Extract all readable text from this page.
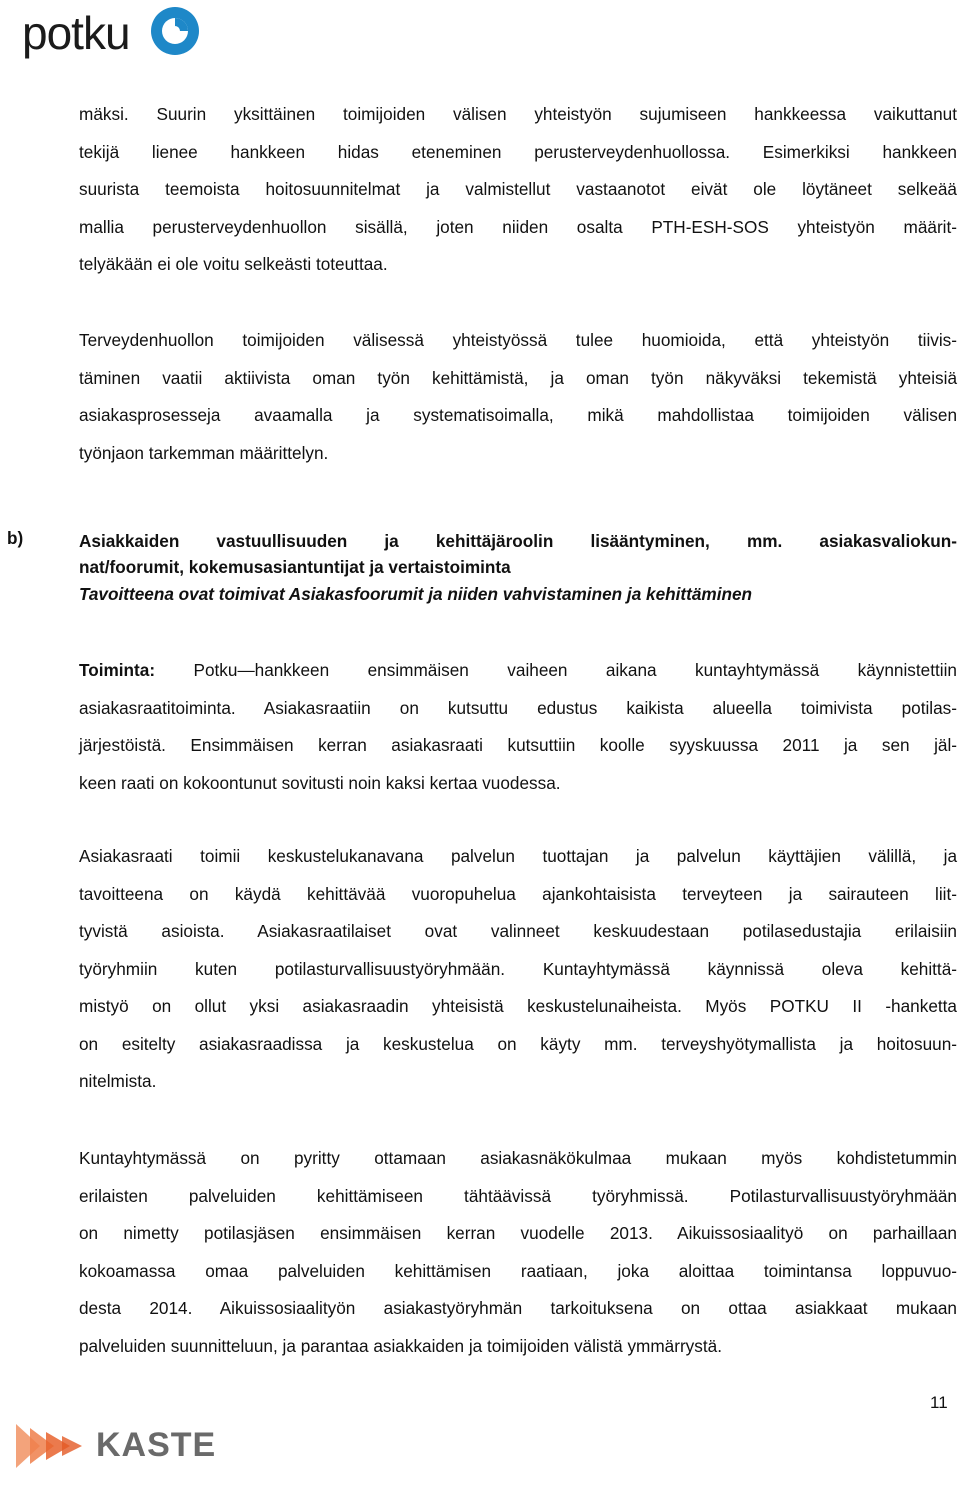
potku
mäksi. Suurin yksittäinen toimijoiden välisen yhteistyön sujumiseen hankkeessa vaikuttanut
tekijä lienee hankkeen hidas eteneminen perusterveydenhuollossa. Esimerkiksi hankkeen
suurista teemoista hoitosuunnitelmat ja valmistellut vastaanotot eivät ole löytäneet selkeää
mallia perusterveydenhuollon sisällä, joten niiden osalta PTH-ESH-SOS yhteistyön määrit-
telyäkään ei ole voitu selkeästi toteuttaa.
Terveydenhuollon toimijoiden välisessä yhteistyössä tulee huomioida, että yhteistyön tiivis-
täminen vaatii aktiivista oman työn kehittämistä, ja oman työn näkyväksi tekemistä yhteisiä
asiakasprosesseja avaamalla ja systematisoimalla, mikä mahdollistaa toimijoiden välisen
työnjaon tarkemman määrittelyn.
b)	Asiakkaiden vastuullisuuden ja kehittäjäroolin lisääntyminen, mm. asiakasvaliokun-
nat/foorumit, kokemusasiantuntijat ja vertaistoiminta
Tavoitteena ovat toimivat Asiakasfoorumit ja niiden vahvistaminen ja kehittäminen
Toiminta: Potku—hankkeen ensimmäisen vaiheen aikana kuntayhtymässä käynnistettiin
asiakasraatitoiminta. Asiakasraatiin on kutsuttu edustus kaikista alueella toimivista potilas-
järjestöistä. Ensimmäisen kerran asiakasraati kutsuttiin koolle syyskuussa 2011 ja sen jäl-
keen raati on kokoontunut sovitusti noin kaksi kertaa vuodessa.
Asiakasraati toimii keskustelukanavana palvelun tuottajan ja palvelun käyttäjien välillä, ja
tavoitteena on käydä kehittävää vuoropuhelua ajankohtaisista terveyteen ja sairauteen liit-
tyvistä asioista. Asiakasraatilaiset ovat valinneet keskuudestaan potilasedustajia erilaisiin
työryhmiin kuten potilasturvallisuustyöryhmään. Kuntayhtymässä käynnissä oleva kehittä-
mistyö on ollut yksi asiakasraadin yhteisistä keskustelunaiheista. Myös POTKU II -hanketta
on esitelty asiakasraadissa ja keskustelua on käyty mm. terveyshyötymallista ja hoitosuun-
nitelmista.
Kuntayhtymässä on pyritty ottamaan asiakasnäkökulmaa mukaan myös kohdistetummin
erilaisten palveluiden kehittämiseen tähtäävissä työryhmissä. Potilasturvallisuustyöryhmään
on nimetty potilasjäsen ensimmäisen kerran vuodelle 2013. Aikuissosiaalityö on parhaillaan
kokoamassa omaa palveluiden kehittämisen raatiaan, joka aloittaa toimintansa loppuvuo-
desta 2014. Aikuissosiaalityön asiakastyöryhmän tarkoituksena on ottaa asiakkaat mukaan
palveluiden suunnitteluun, ja parantaa asiakkaiden ja toimijoiden välistä ymmärrystä.
11
KASTE
